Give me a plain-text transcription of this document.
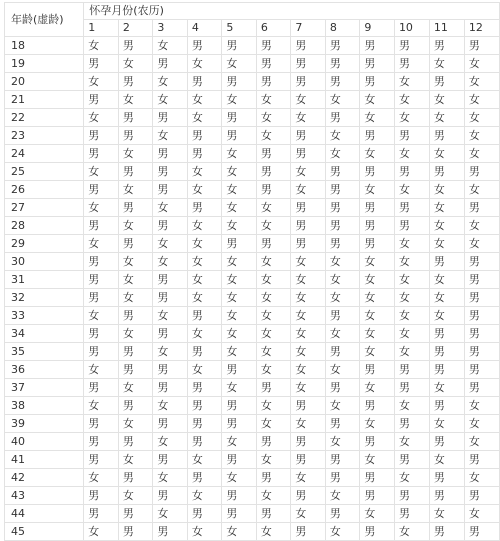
年龄(虚龄)	怀孕月份(农历)											
	1	2	3	4	5	6	7	8	9	10	11	12
18	女	男	女	男	男	男	男	男	男	男	男	男
19	男	女	男	女	女	男	男	男	男	男	女	女
20	女	男	女	男	男	男	男	男	男	女	男	女
21	男	女	女	女	女	女	女	女	女	女	女	女
22	女	男	男	女	男	女	女	男	女	女	女	女
23	男	男	女	男	男	女	男	女	男	男	男	女
24	男	女	男	男	女	男	男	女	女	女	女	女
25	女	男	男	女	女	男	女	男	男	男	男	男
26	男	女	男	女	女	男	女	男	女	女	女	女
27	女	男	女	男	女	女	男	男	男	男	女	男
28	男	女	男	女	女	女	男	男	男	男	女	女
29	女	男	女	女	男	男	男	男	男	女	女	女
30	男	女	女	女	女	女	女	女	女	女	男	男
31	男	女	男	女	女	女	女	女	女	女	女	男
32	男	女	男	女	女	女	女	女	女	女	女	男
33	女	男	女	男	女	女	女	男	女	女	女	男
34	男	女	男	女	女	女	女	女	女	女	男	男
35	男	男	女	男	女	女	女	男	女	女	男	男
36	女	男	男	女	男	女	女	女	男	男	男	男
37	男	女	男	男	女	男	女	男	女	男	女	男
38	女	男	女	男	男	女	男	女	男	女	男	女
39	男	女	男	男	男	女	女	男	女	男	女	女
40	男	男	女	男	女	男	男	女	男	女	男	女
41	男	女	男	女	男	女	男	男	女	男	女	男
42	女	男	女	男	女	男	女	男	男	女	男	女
43	男	女	男	女	男	女	男	女	男	男	男	男
44	男	男	女	男	男	男	女	男	女	男	女	女
45	女	男	男	女	女	女	男	女	男	女	男	男
